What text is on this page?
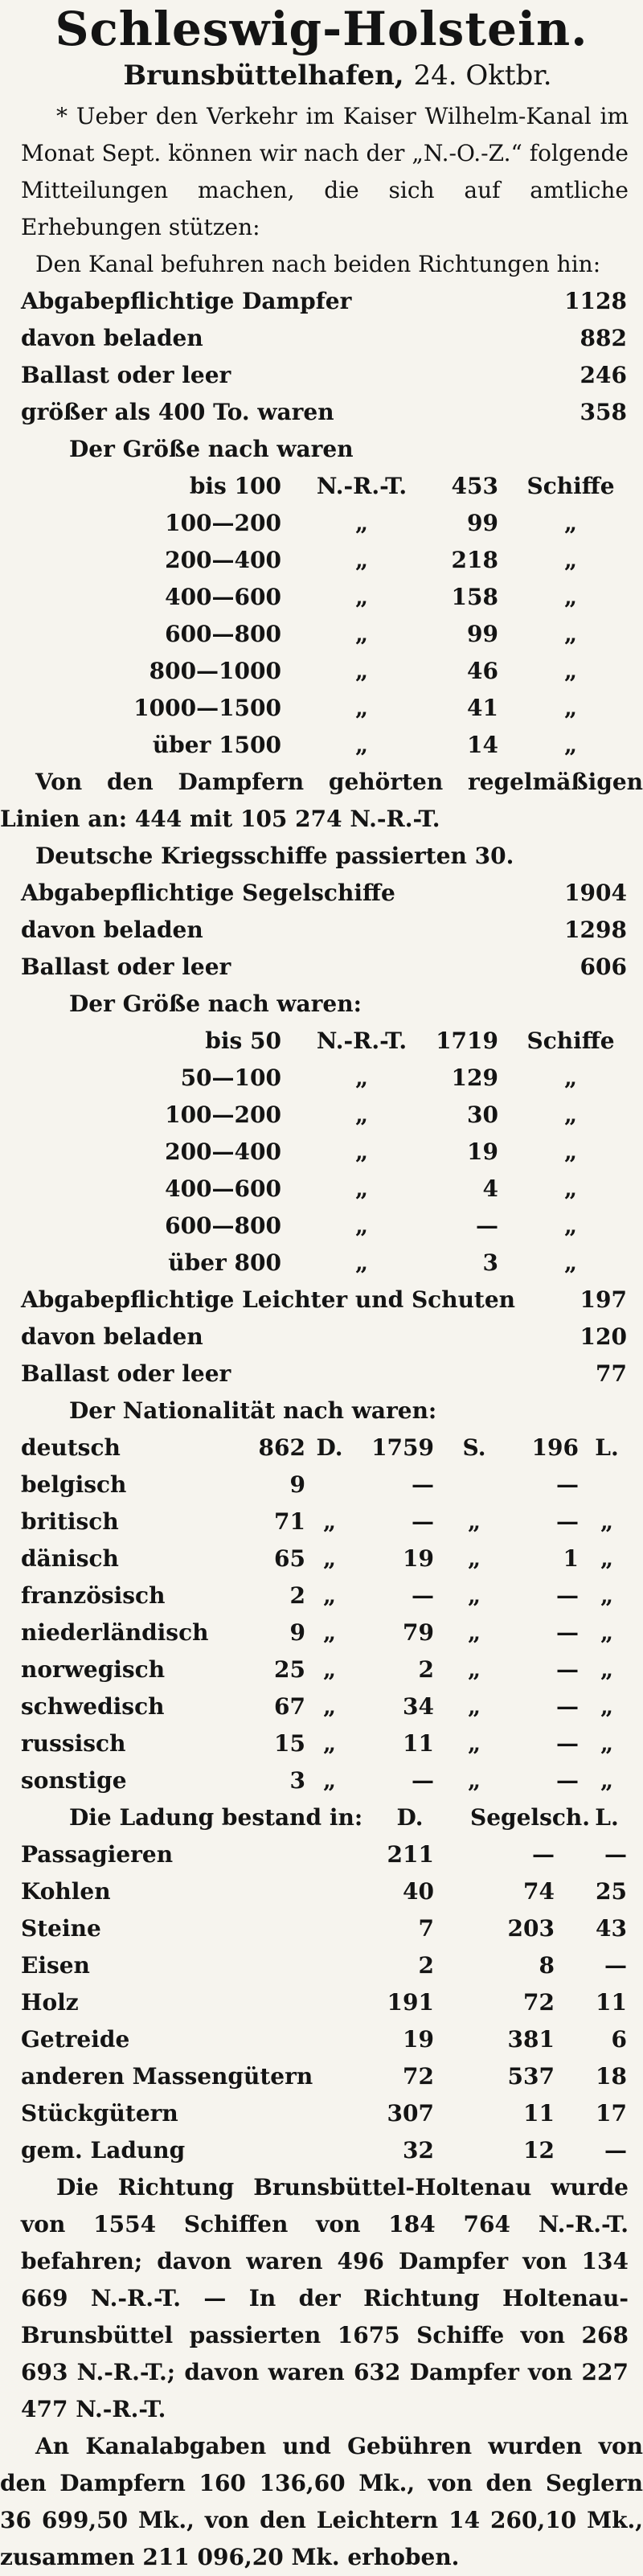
Schleswig-Holstein.
Brunsbüttelhafen, 24. Oktbr.

* Ueber den Verkehr im Kaiser Wilhelm-Kanal im Monat Sept. können wir nach der „N.-O.-Z.“ folgende Mitteilungen machen, die sich auf amtliche Erhebungen stützen:

Den Kanal befuhren nach beiden Richtungen hin:

Abgabepflichtige Dampfer	1128
davon beladen	882
Ballast oder leer	246
größer als 400 To. waren	358
Der Größe nach waren
bis 100	N.-R.-T.	453	Schiffe
100—200	„	99	„
200—400	„	218	„
400—600	„	158	„
600—800	„	99	„
800—1000	„	46	„
1000—1500	„	41	„
über 1500	„	14	„

Von den Dampfern gehörten regelmäßigen Linien an: 444 mit 105 274 N.-R.-T.

Deutsche Kriegsschiffe passierten 30.

Abgabepflichtige Segelschiffe	1904
davon beladen	1298
Ballast oder leer	606
Der Größe nach waren:
bis 50	N.-R.-T.	1719	Schiffe
50—100	„	129	„
100—200	„	30	„
200—400	„	19	„
400—600	„	4	„
600—800	„	—	„
über 800	„	3	„
Abgabepflichtige Leichter und Schuten	197
davon beladen	120
Ballast oder leer	77
Der Nationalität nach waren:
deutsch	862 D.	1759 S.	196 L.
belgisch	9	—	—
britisch	71 „	—	„	— „
dänisch	65 „	19	„	1 „
französisch	2 „	—	„	— „
niederländisch	9 „	79	„	— „
norwegisch	25 „	2	„	— „
schwedisch	67 „	34	„	— „
russisch	15 „	11	„	— „
sonstige	3 „	—	„	— „
Die Ladung bestand in:	D.	Segelsch. L.
Passagieren	211	—	—
Kohlen	40	74	25
Steine	7	203	43
Eisen	2	8	—
Holz	191	72	11
Getreide	19	381	6
anderen Massengütern	72	537	18
Stückgütern	307	11	17
gem. Ladung	32	12	—

Die Richtung Brunsbüttel-Holtenau wurde von 1554 Schiffen von 184 764 N.-R.-T. befahren; davon waren 496 Dampfer von 134 669 N.-R.-T. — In der Richtung Holtenau-Brunsbüttel passierten 1675 Schiffe von 268 693 N.-R.-T.; davon waren 632 Dampfer von 227 477 N.-R.-T.

An Kanalabgaben und Gebühren wurden von den Dampfern 160 136,60 Mk., von den Seglern 36 699,50 Mk., von den Leichtern 14 260,10 Mk., zusammen 211 096,20 Mk. erhoben.
